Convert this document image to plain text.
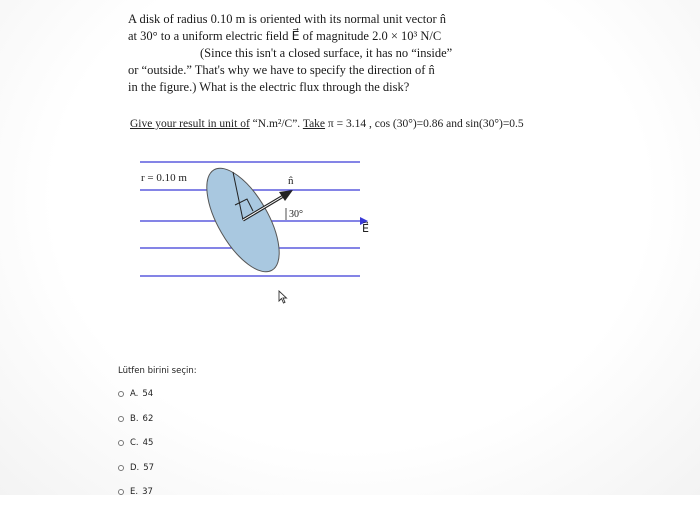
A disk of radius 0.10 m is oriented with its normal unit vector n̂
at 30° to a uniform electric field E⃗ of magnitude 2.0 × 10³ N/C
(Since this isn't a closed surface, it has no “inside”
or “outside.” That's why we have to specify the direction of n̂
in the figure.) What is the electric flux through the disk?
Give your result in unit of “N.m²/C”. Take π = 3.14 , cos (30°)=0.86 and sin(30°)=0.5
r = 0.10 m	n̂
30°
E⃗
Lütfen birini seçin:
A. 54
B. 62
C. 45
D. 57
E. 37
